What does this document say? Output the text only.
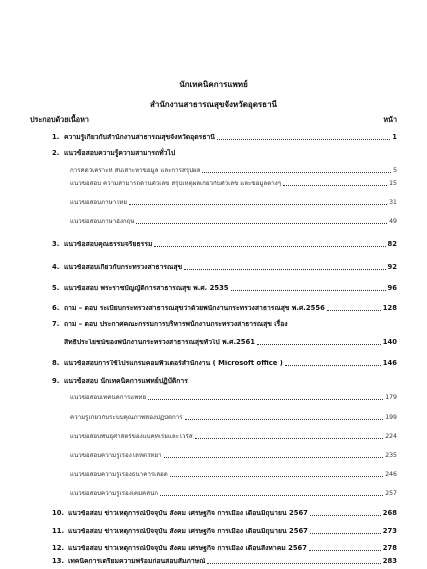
นักเทคนิคการแพทย์
สำนักงานสาธารณสุขจังหวัดอุดรธานี
ประกอบด้วยเนื้อหา	หน้า
1. ความรู้เกี่ยวกับสำนักงานสาธารณสุขจังหวัดอุดรธานี	1
2. แนวข้อสอบความรู้ความสามารถทั่วไป
การคิดวิเคราะห์ สืบเสาะหาข้อมูล และการสรุปผล	5
แนวข้อสอบ ความสามารถด้านตัวเลข สรุปเหตุผลเกี่ยวกับตัวเลข และข้อมูลต่างๆ	15
แนวข้อสอบภาษาไทย	31
แนวข้อสอบภาษาอังกฤษ	49
3. แนวข้อสอบคุณธรรมจริยธรรม	82
4. แนวข้อสอบเกี่ยวกับกระทรวงสาธารณสุข	92
5. แนวข้อสอบ พระราชบัญญัติการสาธารณสุข พ.ศ. 2535	96
6. ถาม – ตอบ ระเบียบกระทรวงสาธารณสุขว่าด้วยพนักงานกระทรวงสาธารณสุข พ.ศ.2556	128
7. ถาม – ตอบ ประกาศคณะกรรมการบริหารพนักงานกระทรวงสาธารณสุข เรื่อง
สิทธิประโยชน์ของพนักงานกระทรวงสาธารณสุขทั่วไป พ.ศ.2561	140
8. แนวข้อสอบการใช้โปรแกรมคอมพิวเตอร์สำนักงาน ( Microsoft office )	146
9. แนวข้อสอบ นักเทคนิคการแพทย์ปฏิบัติการ
แนวข้อสอบเทคนิคการแพทย์	179
ความรู้เกี่ยวกับระบบคุณภาพห้องปฏิบัติการ	199
แนวข้อสอบพันธุศาสตร์ของแบคทีเรียและไวรัส	224
แนวข้อสอบความรู้เรื่องโลหิตวิทยา	235
แนวข้อสอบความรู้เรื่องธนาคารเลือด	246
แนวข้อสอบความรู้เรื่องเคมีคลินิก	257
10. แนวข้อสอบ ข่าวเหตุการณ์ปัจจุบัน สังคม เศรษฐกิจ การเมือง เดือนมิถุนายน 2567	268
11. แนวข้อสอบ ข่าวเหตุการณ์ปัจจุบัน สังคม เศรษฐกิจ การเมือง เดือนมิถุนายน 2567	273
12. แนวข้อสอบ ข่าวเหตุการณ์ปัจจุบัน สังคม เศรษฐกิจ การเมือง เดือนสิงหาคม 2567	278
13. เทคนิคการเตรียมความพร้อมก่อนสอบสัมภาษณ์	283
